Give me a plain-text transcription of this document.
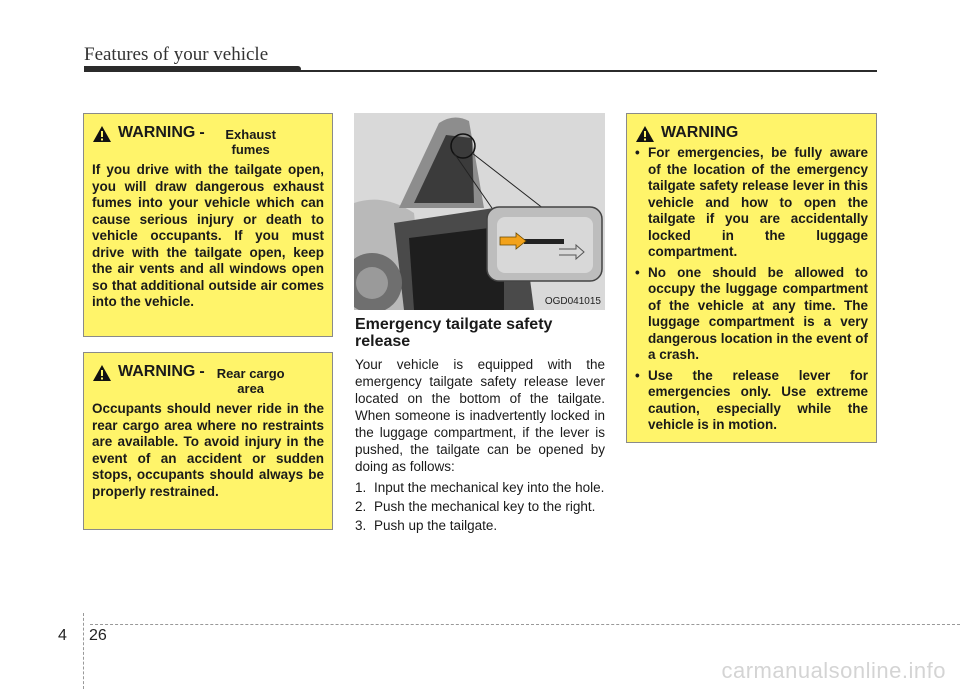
Features of your vehicle
WARNING -	Exhaust fumes
If you drive with the tailgate open, you will draw dangerous exhaust fumes into your vehicle which can cause serious injury or death to vehicle occupants. If you must drive with the tailgate open, keep the air vents and all windows open so that additional outside air comes into the vehicle.
WARNING - Rear cargo area
Occupants should never ride in the rear cargo area where no restraints are available. To avoid injury in the event of an accident or sudden stops, occupants should always be properly restrained.
OGD041015
Emergency tailgate safety release
Your vehicle is equipped with the emergency tailgate safety release lever located on the bottom of the tailgate. When someone is inadvertently locked in the luggage compartment, if the lever is pushed, the tailgate can be opened by doing as follows:
1. Input the mechanical key into the hole.
2. Push the mechanical key to the right.
3. Push up the tailgate.
WARNING
• For emergencies, be fully aware of the location of the emergency tailgate safety release lever in this vehicle and how to open the tailgate if you are accidentally locked in the luggage compartment.
• No one should be allowed to occupy the luggage compartment of the vehicle at any time. The luggage compartment is a very dangerous location in the event of a crash.
• Use the release lever for emergencies only. Use extreme caution, especially while the vehicle is in motion.
4 26
carmanualsonline.info
